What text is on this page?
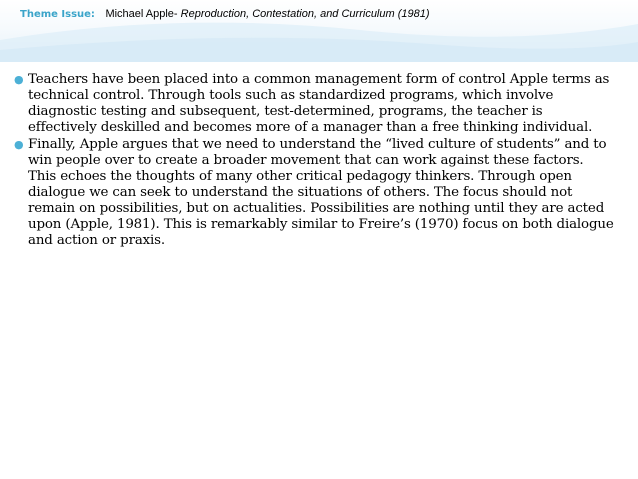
Theme Issue: Michael Apple- Reproduction, Contestation, and Curriculum (1981)
● Teachers have been placed into a common management form of control Apple terms as technical control. Through tools such as standardized programs, which involve diagnostic testing and subsequent, test-determined, programs, the teacher is effectively deskilled and becomes more of a manager than a free thinking individual.
● Finally, Apple argues that we need to understand the “lived culture of students” and to win people over to create a broader movement that can work against these factors. This echoes the thoughts of many other critical pedagogy thinkers. Through open dialogue we can seek to understand the situations of others. The focus should not remain on possibilities, but on actualities. Possibilities are nothing until they are acted upon (Apple, 1981). This is remarkably similar to Freire’s (1970) focus on both dialogue and action or praxis.
